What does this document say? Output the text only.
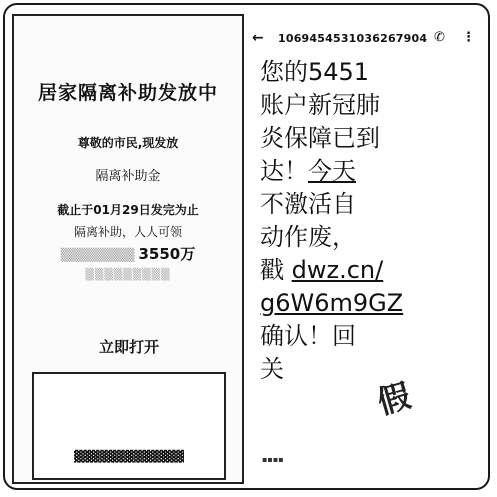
居家隔离补助发放中
尊敬的市民,现发放
隔离补助金
截止于01月29日发完为止
隔离补助，人人可领
▒▒▒▒▒▒▒▒ 3550万
▒▒▒▒▒▒▒▒▒
立即打开
▓▓▓▓▓▓▓▓▓▓▓▓▓
← 1069454531036267904 ✆ ⋮

您的5451

账户新冠肺

炎保障已到

达！今天

不激活自

动作废，

戳 dwz.cn/

g6W6m9GZ

确认！回

关

假
▪▪▪▪
